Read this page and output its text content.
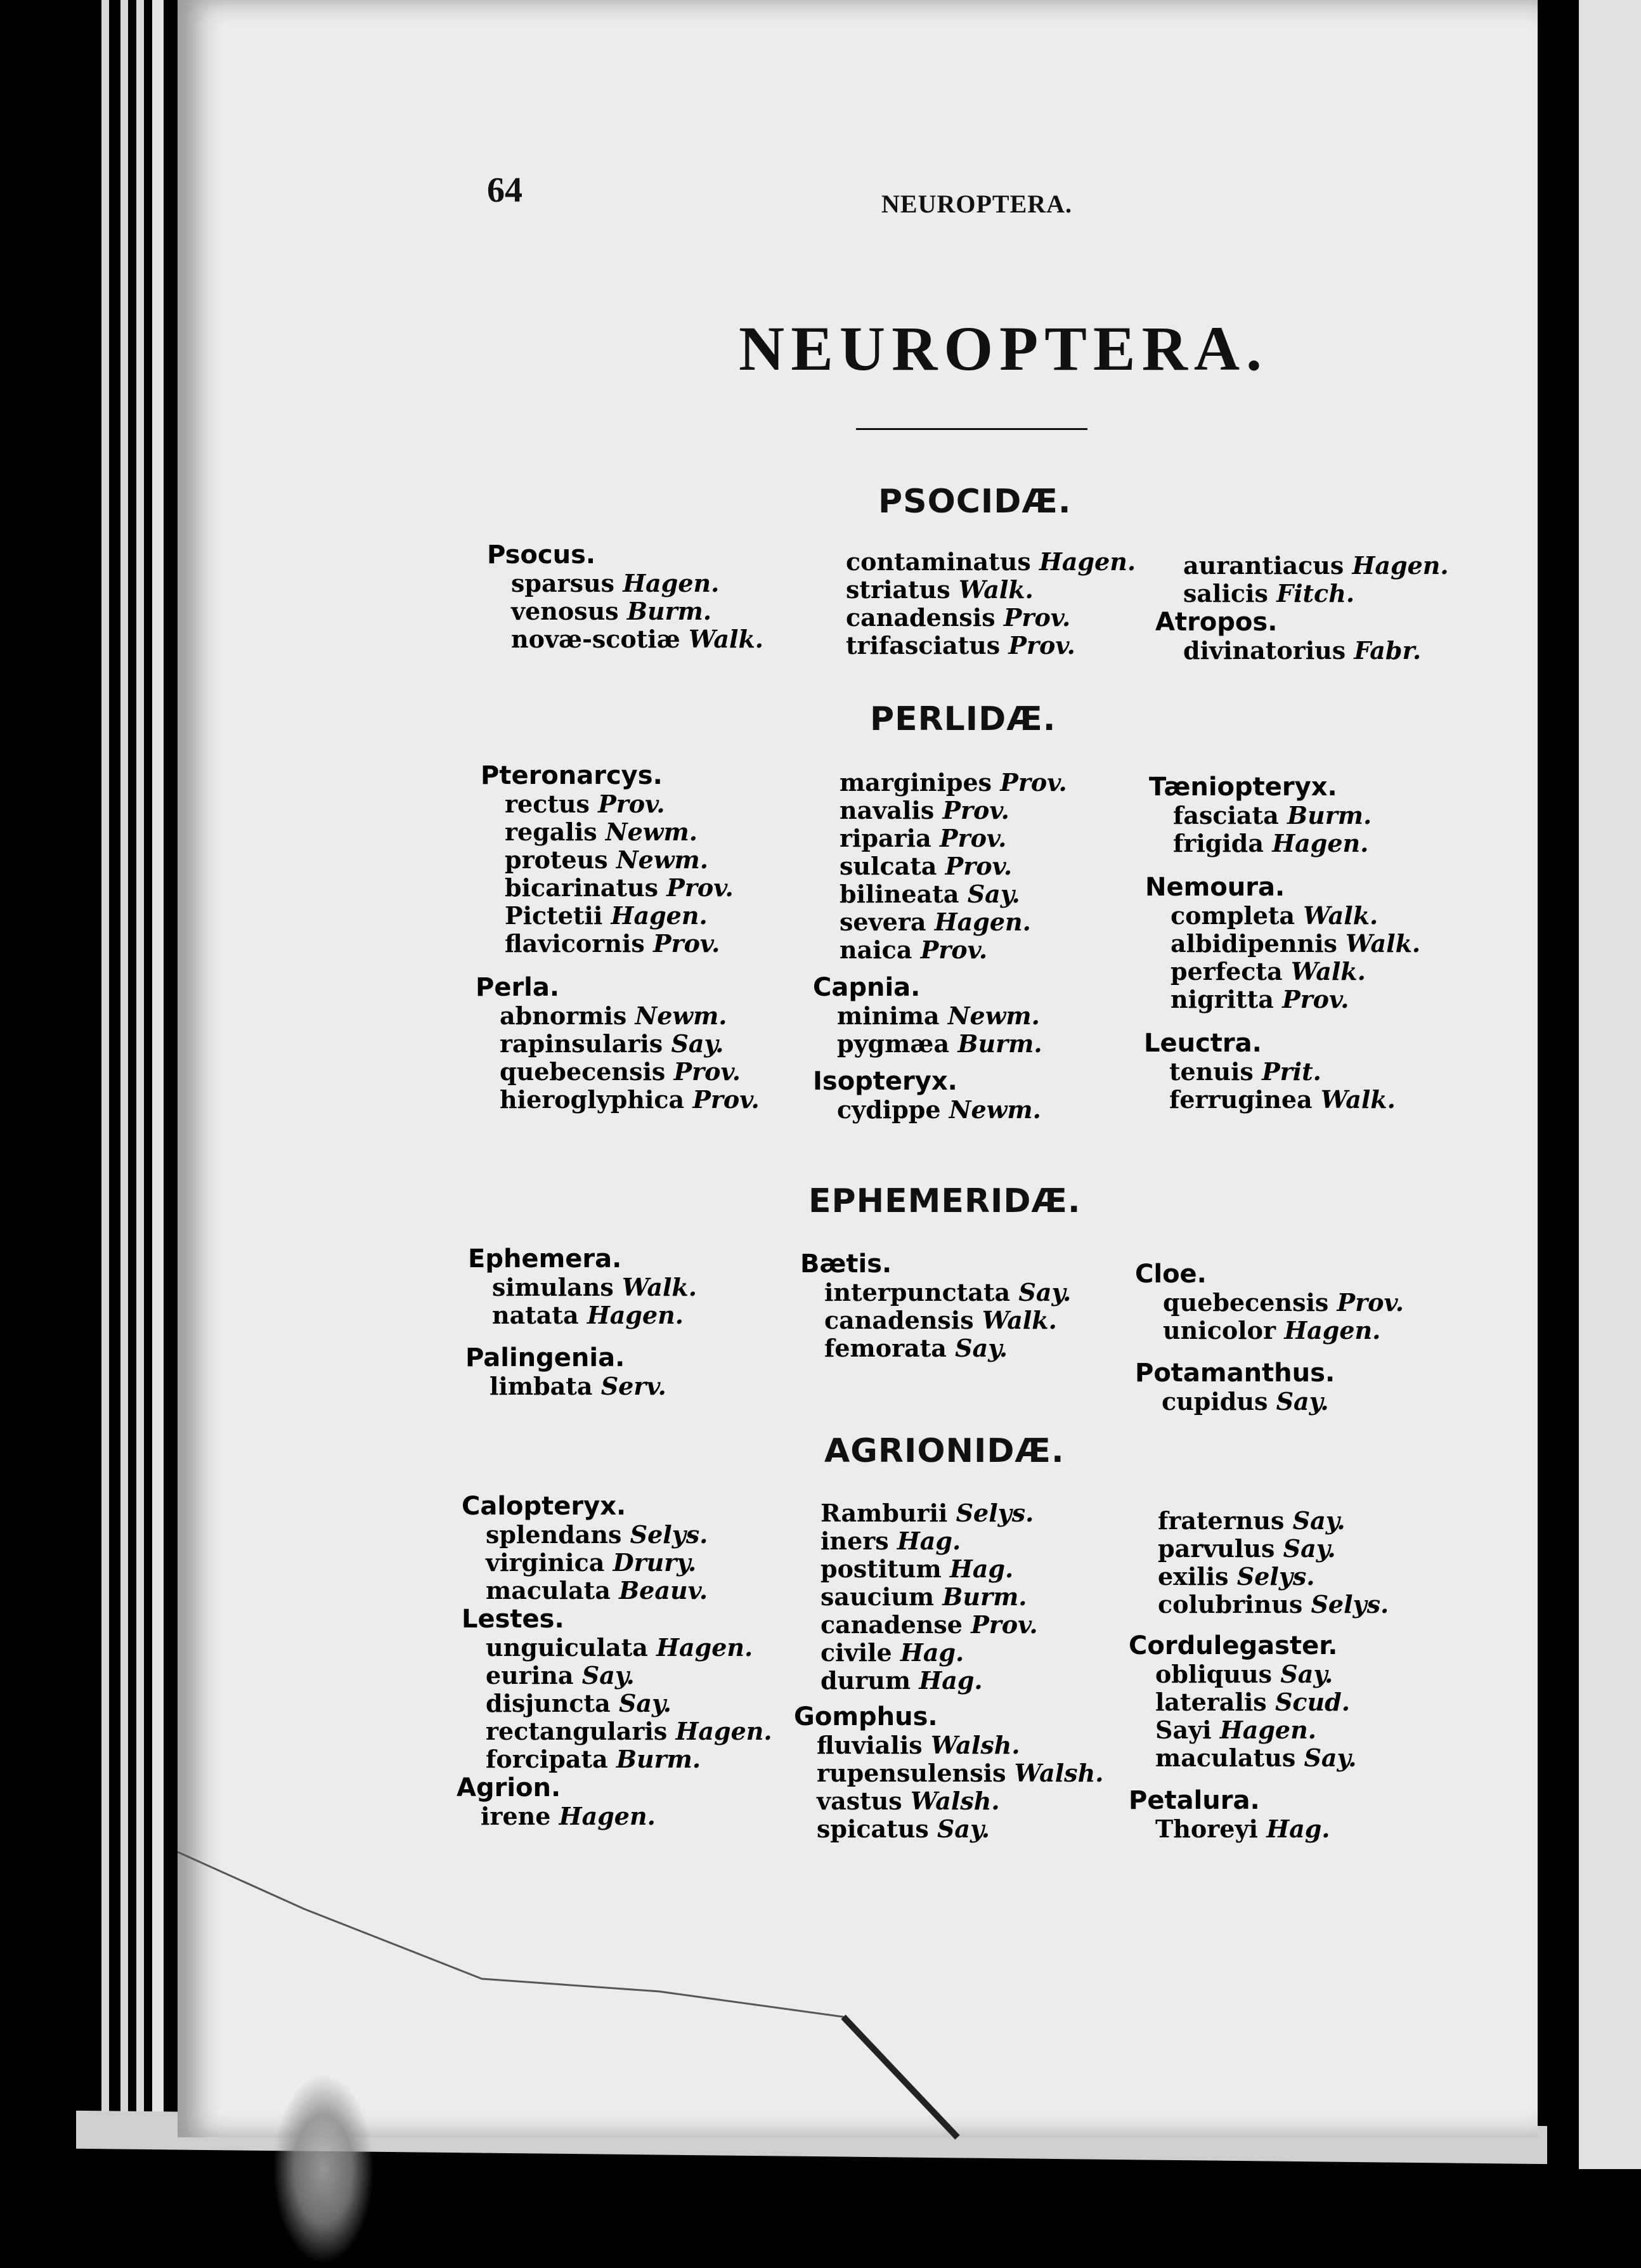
64	NEUROPTERA.
NEUROPTERA.
PSOCIDÆ.
Psocus.
sparsus Hagen.
venosus Burm.
novæ-scotiæ Walk.
contaminatus Hagen.
striatus Walk.
canadensis Prov.
trifasciatus Prov.
aurantiacus Hagen.
salicis Fitch.
Atropos.
divinatorius Fabr.
PERLIDÆ.
Pteronarcys.
rectus Prov.
regalis Newm.
proteus Newm.
bicarinatus Prov.
Pictetii Hagen.
flavicornis Prov.
Perla.
abnormis Newm.
rapinsularis Say.
quebecensis Prov.
hieroglyphica Prov.
marginipes Prov.
navalis Prov.
riparia Prov.
sulcata Prov.
bilineata Say.
severa Hagen.
naica Prov.
Capnia.
minima Newm.
pygmæa Burm.
Isopteryx.
cydippe Newm.
Tæniopteryx.
fasciata Burm.
frigida Hagen.
Nemoura.
completa Walk.
albidipennis Walk.
perfecta Walk.
nigritta Prov.
Leuctra.
tenuis Prit.
ferruginea Walk.
EPHEMERIDÆ.
Ephemera.
simulans Walk.
natata Hagen.
Palingenia.
limbata Serv.
Bætis.
interpunctata Say.
canadensis Walk.
femorata Say.
Cloe.
quebecensis Prov.
unicolor Hagen.
Potamanthus.
cupidus Say.
AGRIONIDÆ.
Calopteryx.
splendans Selys.
virginica Drury.
maculata Beauv.
Lestes.
unguiculata Hagen.
eurina Say.
disjuncta Say.
rectangularis Hagen.
forcipata Burm.
Agrion.
irene Hagen.
Ramburii Selys.
iners Hag.
postitum Hag.
saucium Burm.
canadense Prov.
civile Hag.
durum Hag.
Gomphus.
fluvialis Walsh.
rupensulensis Walsh.
vastus Walsh.
spicatus Say.
fraternus Say.
parvulus Say.
exilis Selys.
colubrinus Selys.
Cordulegaster.
obliquus Say.
lateralis Scud.
Sayi Hagen.
maculatus Say.
Petalura.
Thoreyi Hag.
